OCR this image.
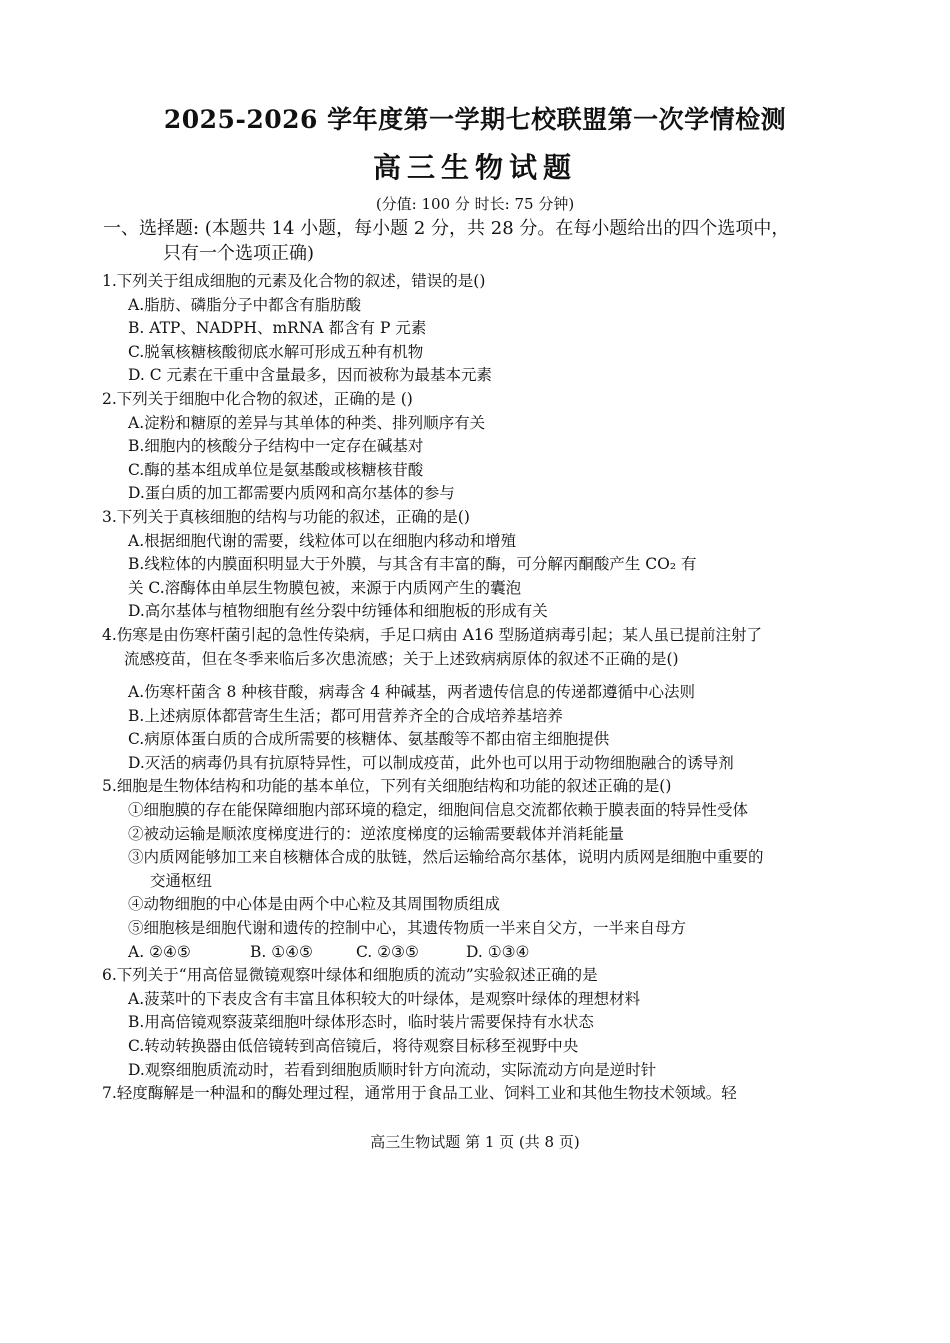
2025-2026 学年度第一学期七校联盟第一次学情检测
高三生物试题
(分值: 100 分 时长: 75 分钟)
一、选择题: (本题共 14 小题，每小题 2 分，共 28 分。在每小题给出的四个选项中，
只有一个选项正确)

1.下列关于组成细胞的元素及化合物的叙述，错误的是()

A.脂肪、磷脂分子中都含有脂肪酸

B. ATP、NADPH、mRNA 都含有 P 元素

C.脱氧核糖核酸彻底水解可形成五种有机物

D. C 元素在干重中含量最多，因而被称为最基本元素

2.下列关于细胞中化合物的叙述，正确的是 ()

A.淀粉和糖原的差异与其单体的种类、排列顺序有关

B.细胞内的核酸分子结构中一定存在碱基对

C.酶的基本组成单位是氨基酸或核糖核苷酸

D.蛋白质的加工都需要内质网和高尔基体的参与

3.下列关于真核细胞的结构与功能的叙述，正确的是()

A.根据细胞代谢的需要，线粒体可以在细胞内移动和增殖

B.线粒体的内膜面积明显大于外膜，与其含有丰富的酶，可分解丙酮酸产生 CO₂ 有

关 C.溶酶体由单层生物膜包被，来源于内质网产生的囊泡

D.高尔基体与植物细胞有丝分裂中纺锤体和细胞板的形成有关

4.伤寒是由伤寒杆菌引起的急性传染病，手足口病由 A16 型肠道病毒引起；某人虽已提前注射了

流感疫苗，但在冬季来临后多次患流感；关于上述致病病原体的叙述不正确的是()

A.伤寒杆菌含 8 种核苷酸，病毒含 4 种碱基，两者遗传信息的传递都遵循中心法则

B.上述病原体都营寄生生活；都可用营养齐全的合成培养基培养

C.病原体蛋白质的合成所需要的核糖体、氨基酸等不都由宿主细胞提供

D.灭活的病毒仍具有抗原特异性，可以制成疫苗，此外也可以用于动物细胞融合的诱导剂

5.细胞是生物体结构和功能的基本单位，下列有关细胞结构和功能的叙述正确的是()

①细胞膜的存在能保障细胞内部环境的稳定，细胞间信息交流都依赖于膜表面的特异性受体

②被动运输是顺浓度梯度进行的：逆浓度梯度的运输需要载体并消耗能量

③内质网能够加工来自核糖体合成的肽链，然后运输给高尔基体，说明内质网是细胞中重要的

交通枢纽

④动物细胞的中心体是由两个中心粒及其周围物质组成

⑤细胞核是细胞代谢和遗传的控制中心，其遗传物质一半来自父方，一半来自母方

A. ②④⑤	B. ①④⑤	C. ②③⑤	D. ①③④

6.下列关于“用高倍显微镜观察叶绿体和细胞质的流动”实验叙述正确的是

A.菠菜叶的下表皮含有丰富且体积较大的叶绿体，是观察叶绿体的理想材料

B.用高倍镜观察菠菜细胞叶绿体形态时，临时装片需要保持有水状态

C.转动转换器由低倍镜转到高倍镜后，将待观察目标移至视野中央

D.观察细胞质流动时，若看到细胞质顺时针方向流动，实际流动方向是逆时针

7.轻度酶解是一种温和的酶处理过程，通常用于食品工业、饲料工业和其他生物技术领域。轻

高三生物试题 第 1 页 (共 8 页)
